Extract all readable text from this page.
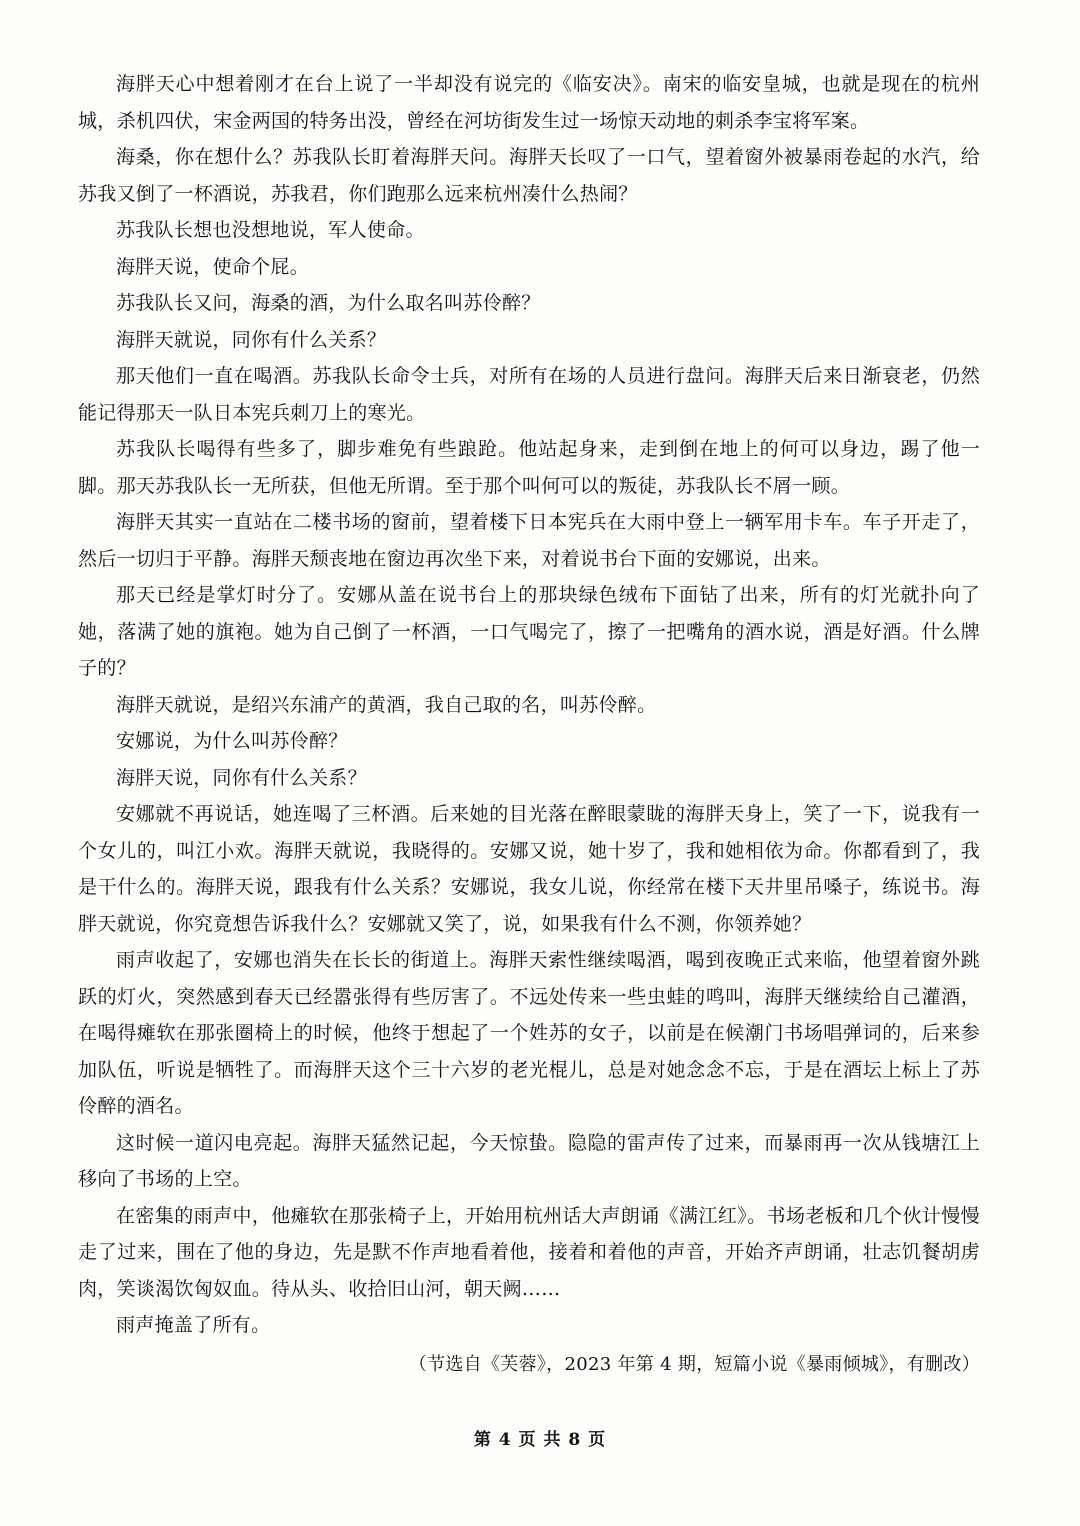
海胖天心中想着刚才在台上说了一半却没有说完的《临安决》。南宋的临安皇城，也就是现在的杭州城，杀机四伏，宋金两国的特务出没，曾经在河坊街发生过一场惊天动地的刺杀李宝将军案。

海桑，你在想什么？苏我队长盯着海胖天问。海胖天长叹了一口气，望着窗外被暴雨卷起的水汽，给苏我又倒了一杯酒说，苏我君，你们跑那么远来杭州凑什么热闹？

苏我队长想也没想地说，军人使命。

海胖天说，使命个屁。

苏我队长又问，海桑的酒，为什么取名叫苏伶醉？

海胖天就说，同你有什么关系？

那天他们一直在喝酒。苏我队长命令士兵，对所有在场的人员进行盘问。海胖天后来日渐衰老，仍然能记得那天一队日本宪兵刺刀上的寒光。

苏我队长喝得有些多了，脚步难免有些踉跄。他站起身来，走到倒在地上的何可以身边，踢了他一脚。那天苏我队长一无所获，但他无所谓。至于那个叫何可以的叛徒，苏我队长不屑一顾。

海胖天其实一直站在二楼书场的窗前，望着楼下日本宪兵在大雨中登上一辆军用卡车。车子开走了，然后一切归于平静。海胖天颓丧地在窗边再次坐下来，对着说书台下面的安娜说，出来。

那天已经是掌灯时分了。安娜从盖在说书台上的那块绿色绒布下面钻了出来，所有的灯光就扑向了她，落满了她的旗袍。她为自己倒了一杯酒，一口气喝完了，擦了一把嘴角的酒水说，酒是好酒。什么牌子的？

海胖天就说，是绍兴东浦产的黄酒，我自己取的名，叫苏伶醉。

安娜说，为什么叫苏伶醉？

海胖天说，同你有什么关系？

安娜就不再说话，她连喝了三杯酒。后来她的目光落在醉眼蒙眬的海胖天身上，笑了一下，说我有一个女儿的，叫江小欢。海胖天就说，我晓得的。安娜又说，她十岁了，我和她相依为命。你都看到了，我是干什么的。海胖天说，跟我有什么关系？安娜说，我女儿说，你经常在楼下天井里吊嗓子，练说书。海胖天就说，你究竟想告诉我什么？安娜就又笑了，说，如果我有什么不测，你领养她？

雨声收起了，安娜也消失在长长的街道上。海胖天索性继续喝酒，喝到夜晚正式来临，他望着窗外跳跃的灯火，突然感到春天已经嚣张得有些厉害了。不远处传来一些虫蛙的鸣叫，海胖天继续给自己灌酒，在喝得瘫软在那张圈椅上的时候，他终于想起了一个姓苏的女子，以前是在候潮门书场唱弹词的，后来参加队伍，听说是牺牲了。而海胖天这个三十六岁的老光棍儿，总是对她念念不忘，于是在酒坛上标上了苏伶醉的酒名。

这时候一道闪电亮起。海胖天猛然记起，今天惊蛰。隐隐的雷声传了过来，而暴雨再一次从钱塘江上移向了书场的上空。

在密集的雨声中，他瘫软在那张椅子上，开始用杭州话大声朗诵《满江红》。书场老板和几个伙计慢慢走了过来，围在了他的身边，先是默不作声地看着他，接着和着他的声音，开始齐声朗诵，壮志饥餐胡虏肉，笑谈渴饮匈奴血。待从头、收拾旧山河，朝天阙……

雨声掩盖了所有。

（节选自《芙蓉》，2023 年第 4 期，短篇小说《暴雨倾城》，有删改）
第 4 页 共 8 页
